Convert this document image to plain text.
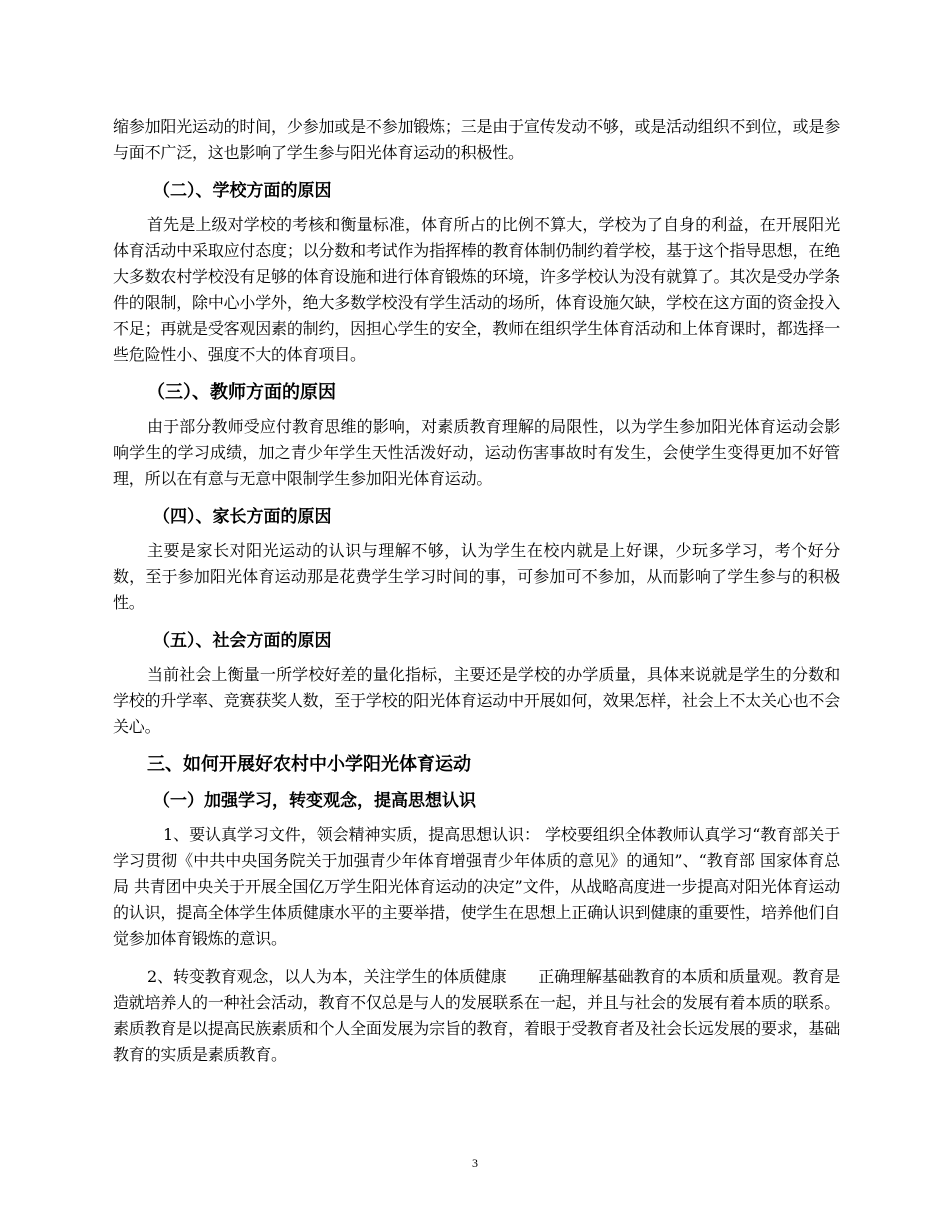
缩参加阳光运动的时间，少参加或是不参加锻炼；三是由于宣传发动不够，或是活动组织不到位，或是参与面不广泛，这也影响了学生参与阳光体育运动的积极性。

（二）、学校方面的原因

首先是上级对学校的考核和衡量标准，体育所占的比例不算大，学校为了自身的利益，在开展阳光体育活动中采取应付态度；以分数和考试作为指挥棒的教育体制仍制约着学校，基于这个指导思想，在绝大多数农村学校没有足够的体育设施和进行体育锻炼的环境，许多学校认为没有就算了。其次是受办学条件的限制，除中心小学外，绝大多数学校没有学生活动的场所，体育设施欠缺，学校在这方面的资金投入不足；再就是受客观因素的制约，因担心学生的安全，教师在组织学生体育活动和上体育课时，都选择一些危险性小、强度不大的体育项目。

（三）、教师方面的原因

由于部分教师受应付教育思维的影响，对素质教育理解的局限性，以为学生参加阳光体育运动会影响学生的学习成绩，加之青少年学生天性活泼好动，运动伤害事故时有发生，会使学生变得更加不好管理，所以在有意与无意中限制学生参加阳光体育运动。

（四）、家长方面的原因

主要是家长对阳光运动的认识与理解不够，认为学生在校内就是上好课，少玩多学习，考个好分数，至于参加阳光体育运动那是花费学生学习时间的事，可参加可不参加，从而影响了学生参与的积极性。

（五）、社会方面的原因

当前社会上衡量一所学校好差的量化指标，主要还是学校的办学质量，具体来说就是学生的分数和学校的升学率、竞赛获奖人数，至于学校的阳光体育运动中开展如何，效果怎样，社会上不太关心也不会关心。

三、如何开展好农村中小学阳光体育运动
（一）加强学习，转变观念，提高思想认识

1、要认真学习文件，领会精神实质，提高思想认识： 学校要组织全体教师认真学习“教育部关于学习贯彻《中共中央国务院关于加强青少年体育增强青少年体质的意见》的通知”、“教育部 国家体育总局 共青团中央关于开展全国亿万学生阳光体育运动的决定”文件，从战略高度进一步提高对阳光体育运动的认识，提高全体学生体质健康水平的主要举措，使学生在思想上正确认识到健康的重要性，培养他们自觉参加体育锻炼的意识。

2、转变教育观念，以人为本，关注学生的体质健康　　正确理解基础教育的本质和质量观。教育是造就培养人的一种社会活动，教育不仅总是与人的发展联系在一起，并且与社会的发展有着本质的联系。素质教育是以提高民族素质和个人全面发展为宗旨的教育，着眼于受教育者及社会长远发展的要求，基础教育的实质是素质教育。

3
